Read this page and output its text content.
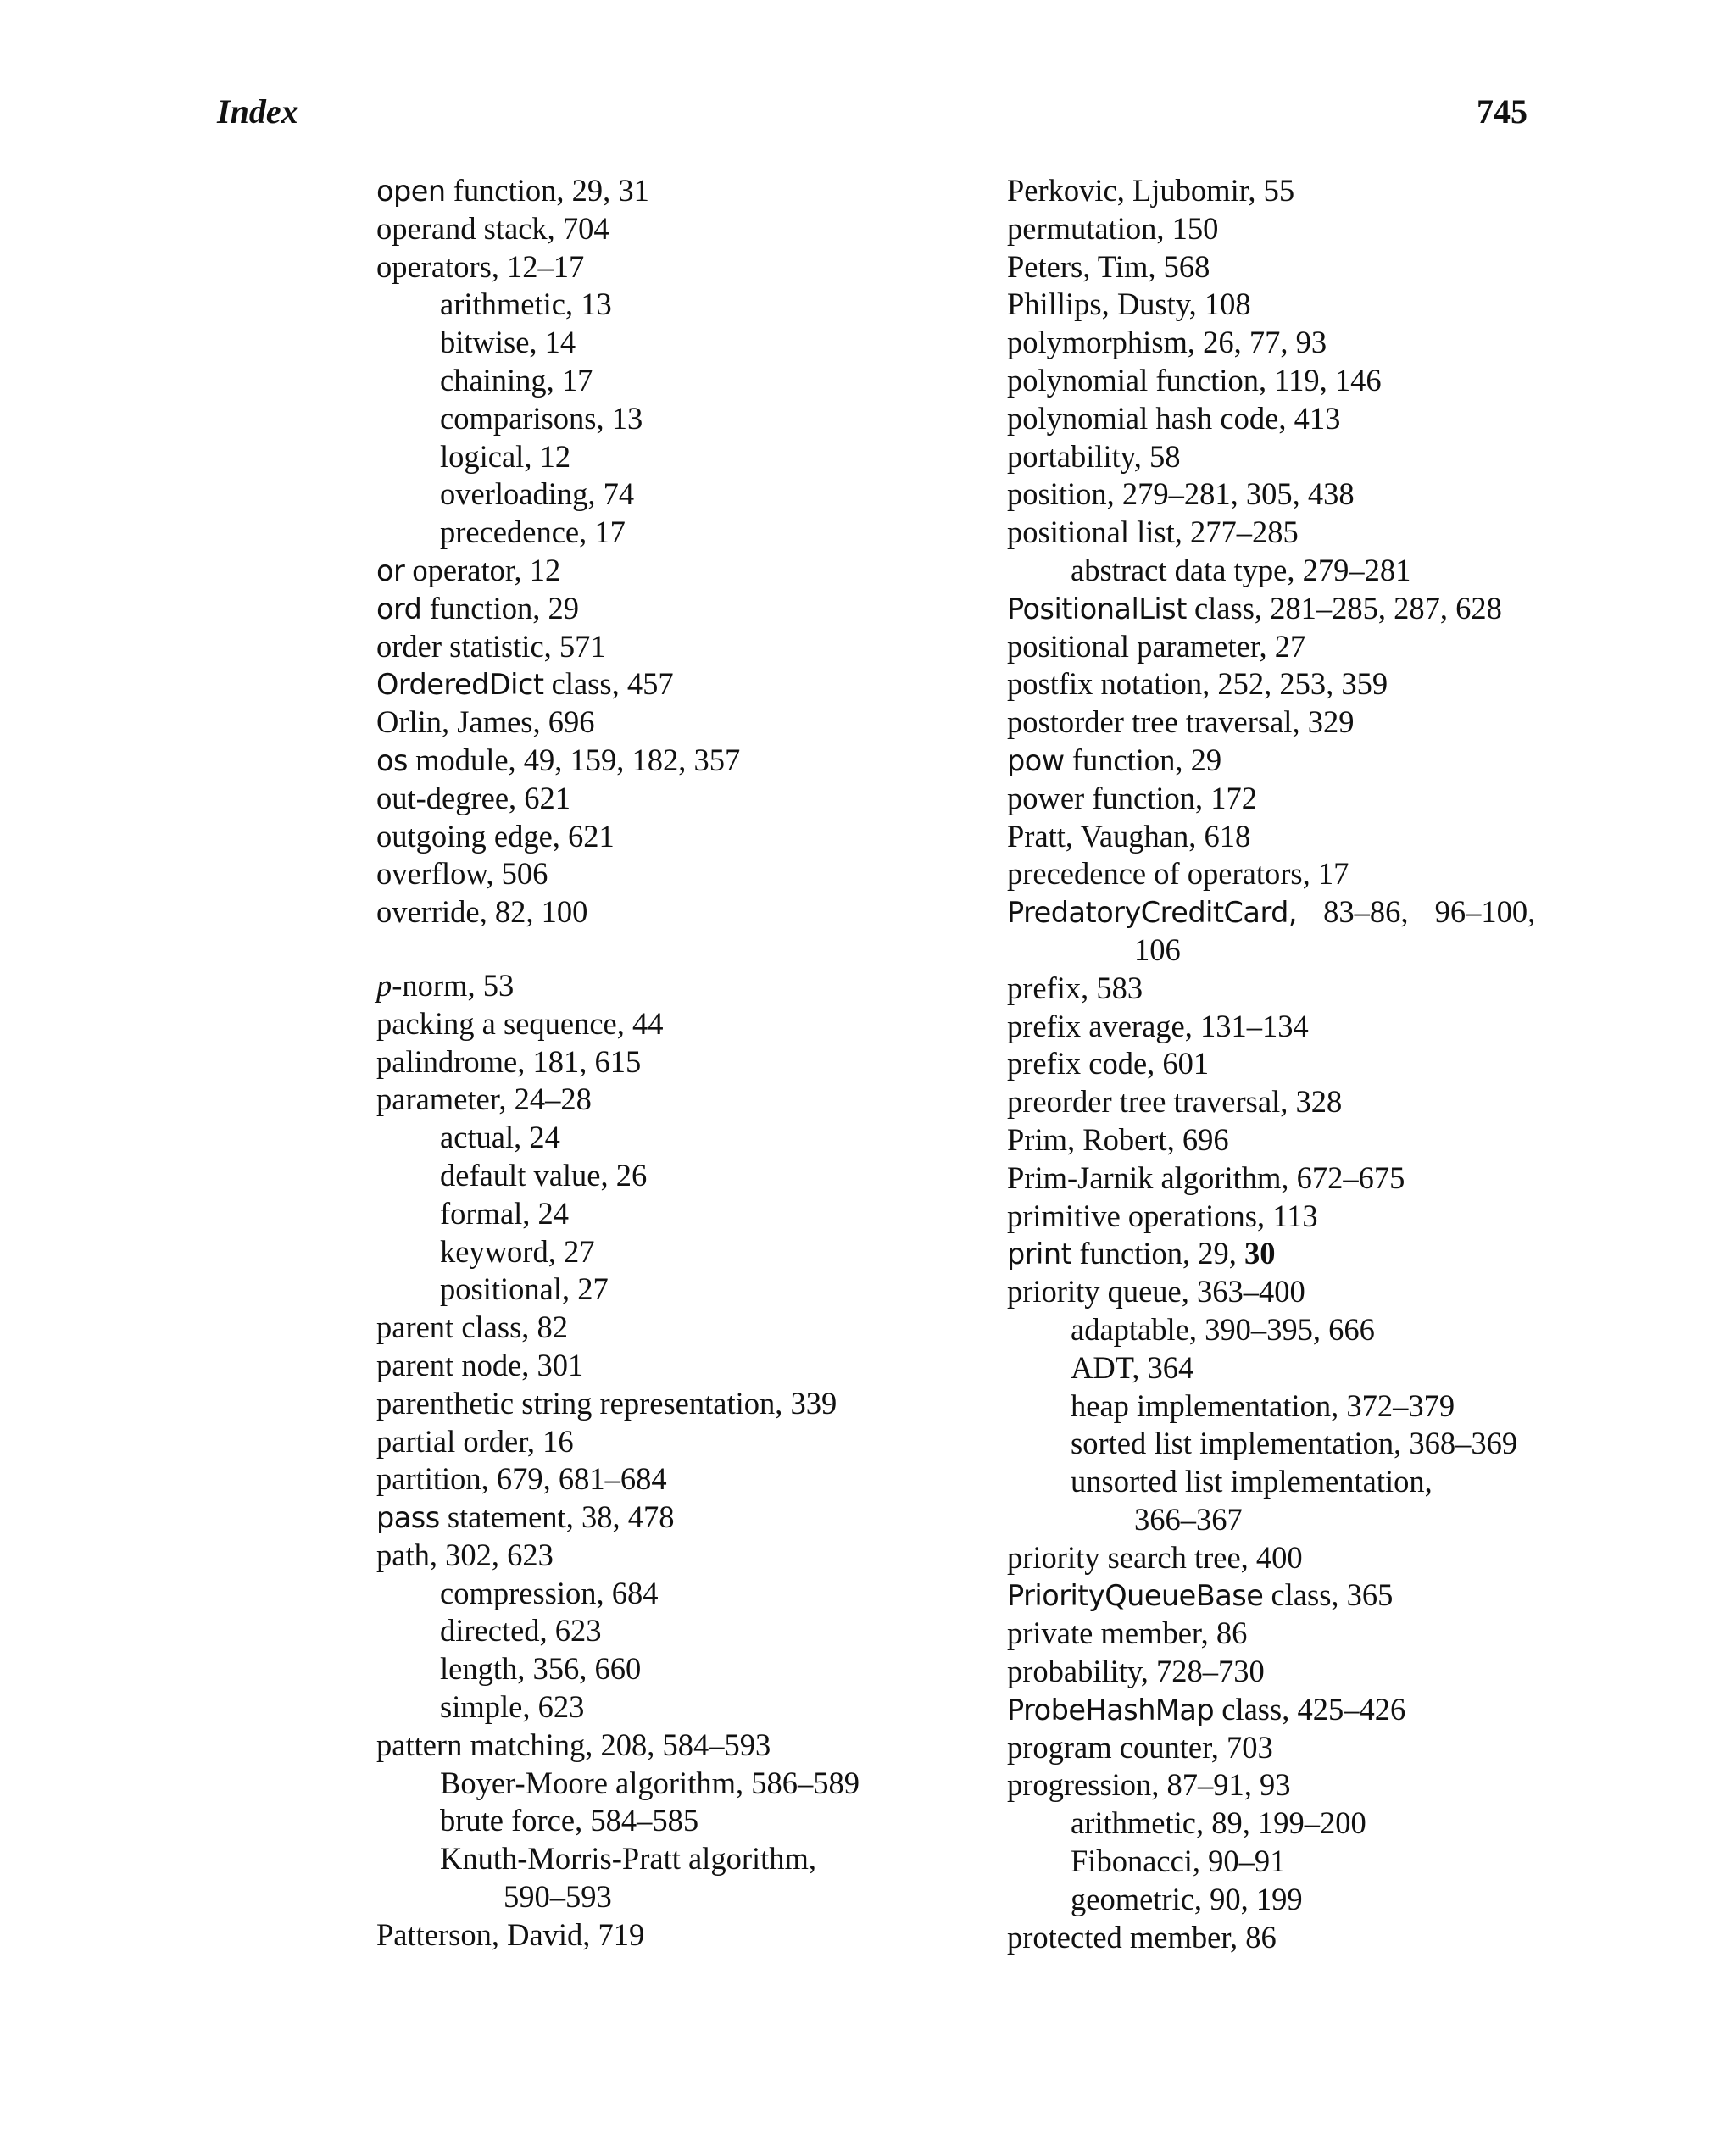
Index	745
open function, 29, 31
operand stack, 704
operators, 12–17
arithmetic, 13
bitwise, 14
chaining, 17
comparisons, 13
logical, 12
overloading, 74
precedence, 17
or operator, 12
ord function, 29
order statistic, 571
OrderedDict class, 457
Orlin, James, 696
os module, 49, 159, 182, 357
out-degree, 621
outgoing edge, 621
overflow, 506
override, 82, 100
p-norm, 53
packing a sequence, 44
palindrome, 181, 615
parameter, 24–28
actual, 24
default value, 26
formal, 24
keyword, 27
positional, 27
parent class, 82
parent node, 301
parenthetic string representation, 339
partial order, 16
partition, 679, 681–684
pass statement, 38, 478
path, 302, 623
compression, 684
directed, 623
length, 356, 660
simple, 623
pattern matching, 208, 584–593
Boyer-Moore algorithm, 586–589
brute force, 584–585
Knuth-Morris-Pratt algorithm,
590–593
Patterson, David, 719
Perkovic, Ljubomir, 55
permutation, 150
Peters, Tim, 568
Phillips, Dusty, 108
polymorphism, 26, 77, 93
polynomial function, 119, 146
polynomial hash code, 413
portability, 58
position, 279–281, 305, 438
positional list, 277–285
abstract data type, 279–281
PositionalList class, 281–285, 287, 628
positional parameter, 27
postfix notation, 252, 253, 359
postorder tree traversal, 329
pow function, 29
power function, 172
Pratt, Vaughan, 618
precedence of operators, 17
PredatoryCreditCard, 83–86, 96–100,
106
prefix, 583
prefix average, 131–134
prefix code, 601
preorder tree traversal, 328
Prim, Robert, 696
Prim-Jarnik algorithm, 672–675
primitive operations, 113
print function, 29, 30
priority queue, 363–400
adaptable, 390–395, 666
ADT, 364
heap implementation, 372–379
sorted list implementation, 368–369
unsorted list implementation,
366–367
priority search tree, 400
PriorityQueueBase class, 365
private member, 86
probability, 728–730
ProbeHashMap class, 425–426
program counter, 703
progression, 87–91, 93
arithmetic, 89, 199–200
Fibonacci, 90–91
geometric, 90, 199
protected member, 86
